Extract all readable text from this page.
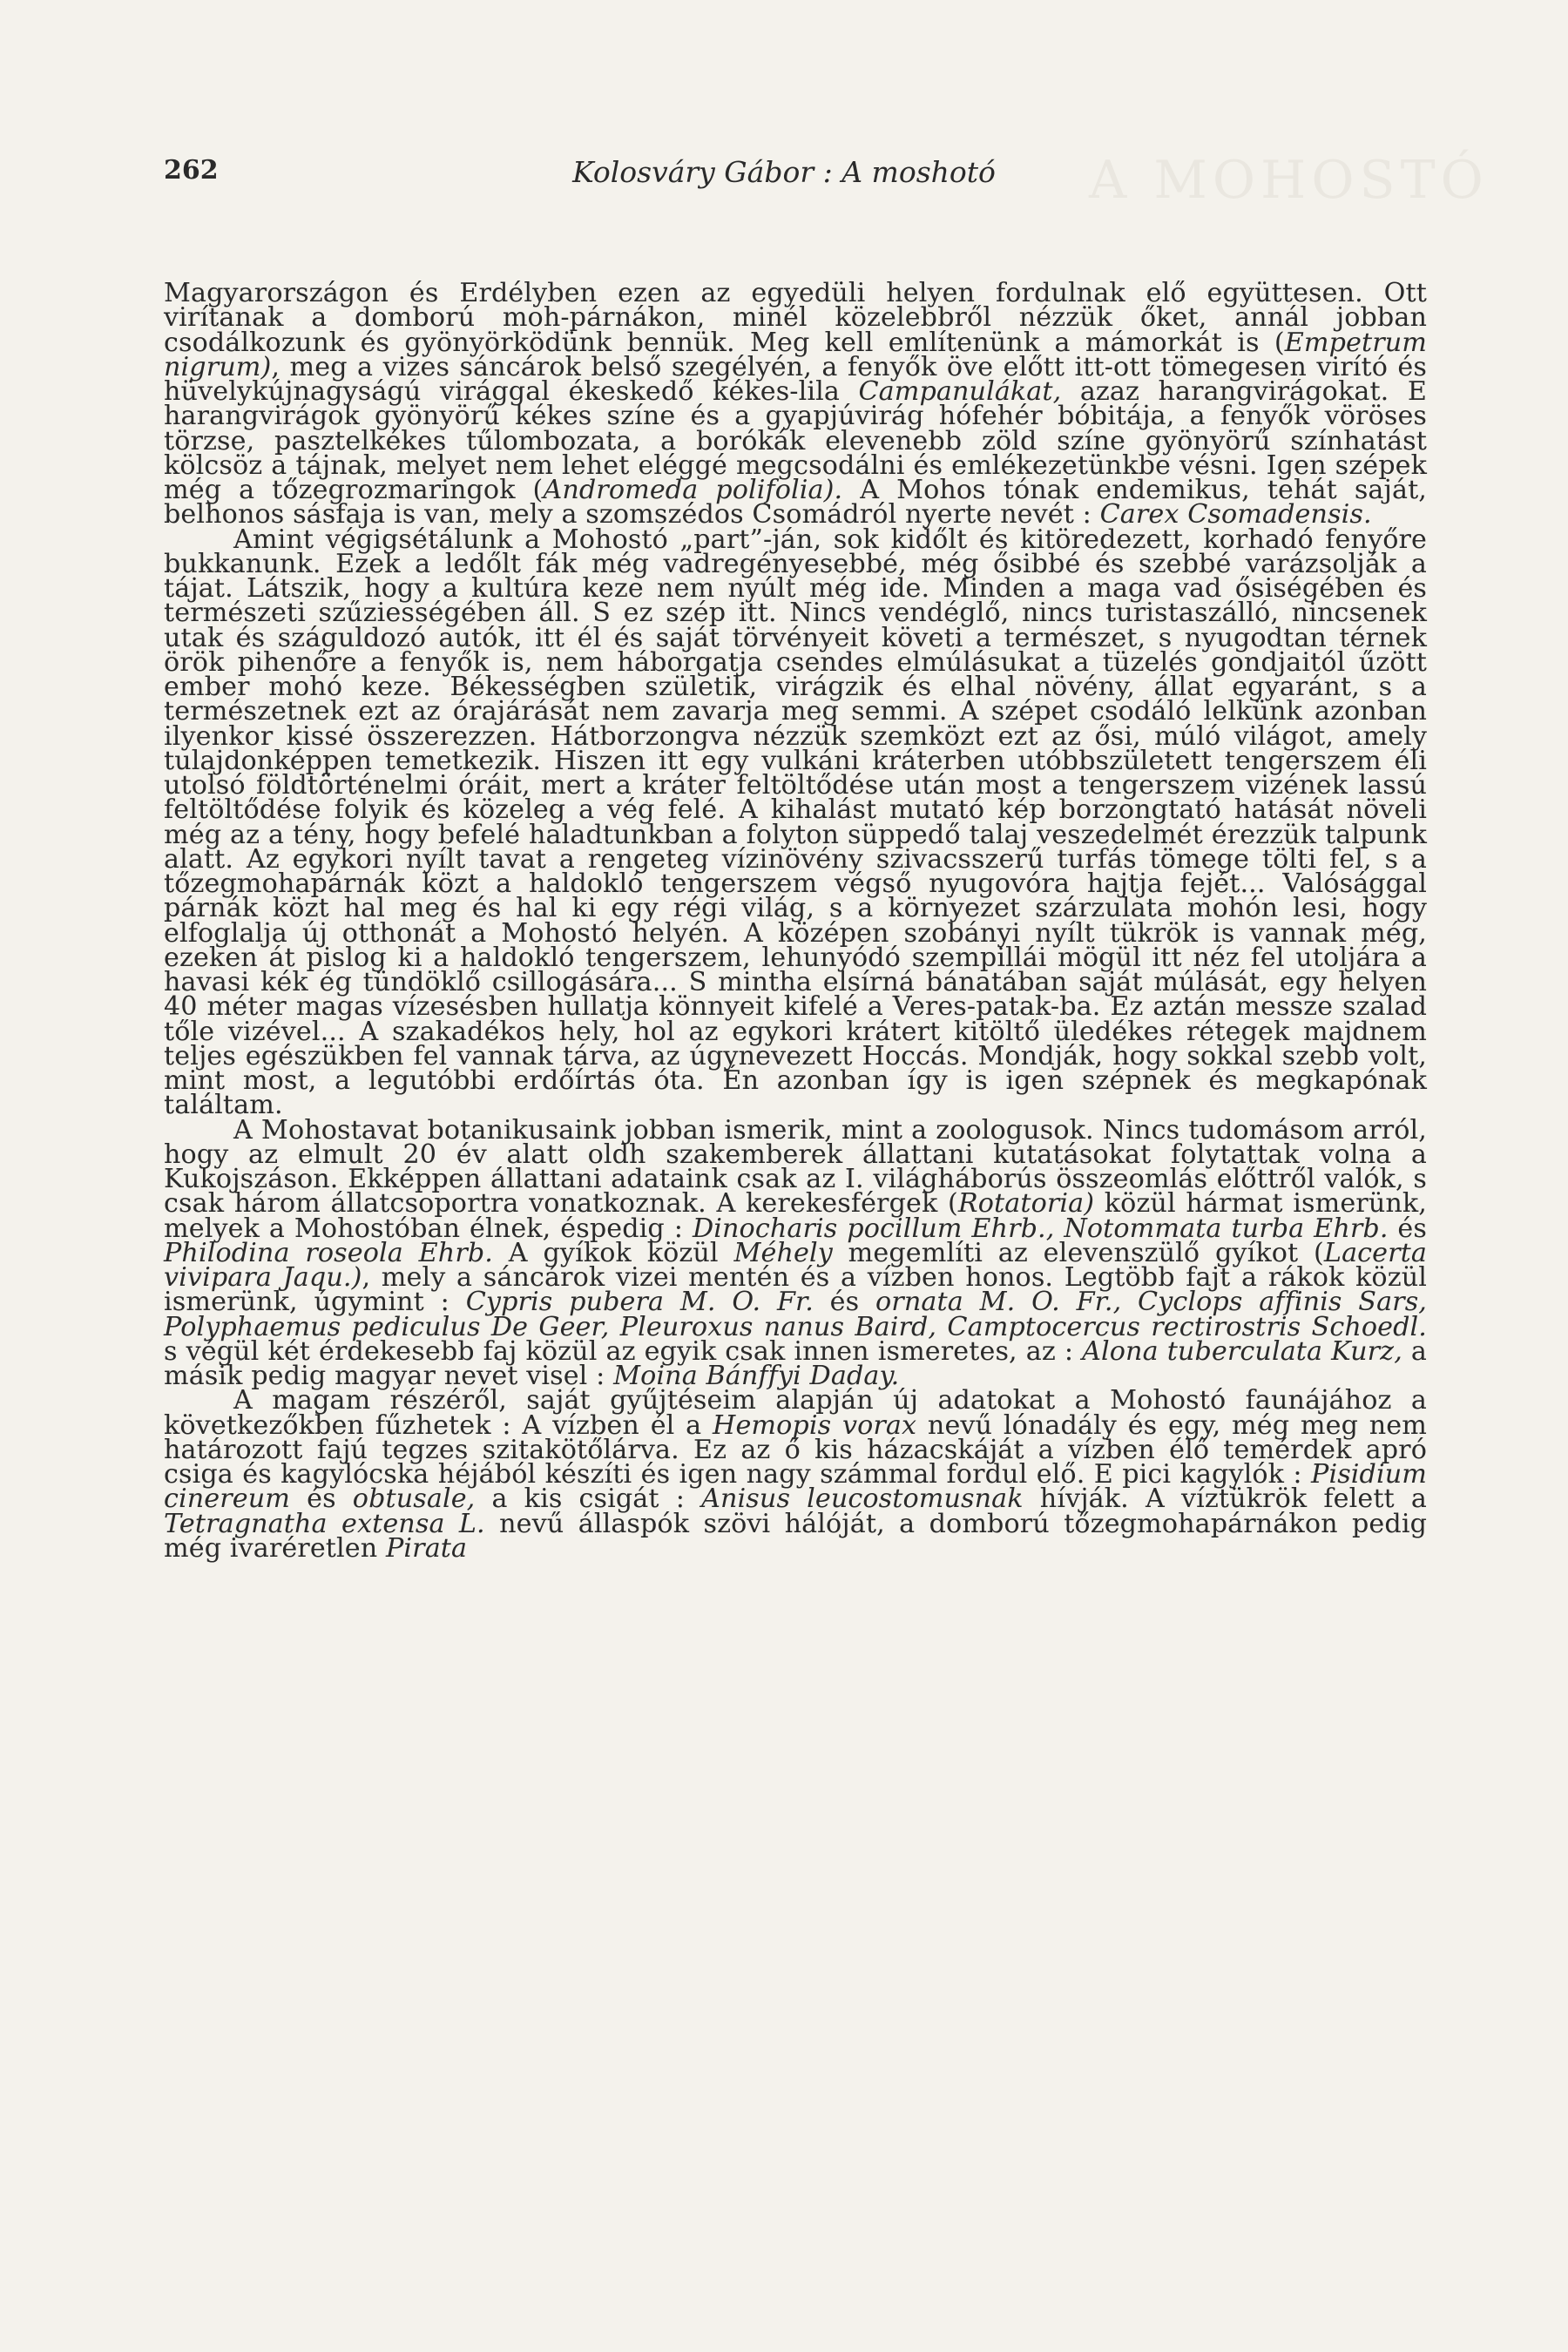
A MOHOSTÓ
262	Kolosváry Gábor : A moshotó

Magyarországon és Erdélyben ezen az egyedüli helyen fordulnak elő együttesen. Ott virítanak a domború moh-párnákon, minél közelebbről nézzük őket, annál jobban csodálkozunk és gyönyörködünk bennük. Meg kell említenünk a mámorkát is (Empetrum nigrum), meg a vizes sáncárok belső szegélyén, a fenyők öve előtt itt-ott tömegesen virító és hüvelykújnagyságú virággal ékeskedő kékes-lila Campanulákat, azaz harangvirágokat. E harangvirágok gyönyörű kékes színe és a gyapjúvirág hófehér bóbitája, a fenyők vöröses törzse, pasztelkékes tűlombozata, a borókák elevenebb zöld színe gyönyörű színhatást kölcsöz a tájnak, melyet nem lehet eléggé megcsodálni és emlékezetünkbe vésni. Igen szépek még a tőzegrozmaringok (Andromeda polifolia). A Mohos tónak endemikus, tehát saját, belhonos sásfaja is van, mely a szomszédos Csomádról nyerte nevét : Carex Csomadensis.

Amint végigsétálunk a Mohostó „part”-ján, sok kidőlt és kitöredezett, korhadó fenyőre bukkanunk. Ezek a ledőlt fák még vadregényesebbé, még ősibbé és szebbé varázsolják a tájat. Látszik, hogy a kultúra keze nem nyúlt még ide. Minden a maga vad ősiségében és természeti szűziességében áll. S ez szép itt. Nincs vendéglő, nincs turistaszálló, nincsenek utak és száguldozó autók, itt él és saját törvényeit követi a természet, s nyugodtan térnek örök pihenőre a fenyők is, nem háborgatja csendes elmúlásukat a tüzelés gondjaitól űzött ember mohó keze. Békességben születik, virágzik és elhal növény, állat egyaránt, s a természetnek ezt az órajárását nem zavarja meg semmi. A szépet csodáló lelkünk azonban ilyenkor kissé összerezzen. Hátborzongva nézzük szemközt ezt az ősi, múló világot, amely tulajdonképpen temetkezik. Hiszen itt egy vulkáni kráterben utóbbszületett tengerszem éli utolsó földtörténelmi óráit, mert a kráter feltöltődése után most a tengerszem vizének lassú feltöltődése folyik és közeleg a vég felé. A kihalást mutató kép borzongtató hatását növeli még az a tény, hogy befelé haladtunkban a folyton süppedő talaj veszedelmét érezzük talpunk alatt. Az egykori nyílt tavat a rengeteg vízinövény szivacsszerű turfás tömege tölti fel, s a tőzegmohapárnák közt a haldokló tengerszem végső nyugovóra hajtja fejét... Valósággal párnák közt hal meg és hal ki egy régi világ, s a környezet szárzulata mohón lesi, hogy elfoglalja új otthonát a Mohostó helyén. A középen szobányi nyílt tükrök is vannak még, ezeken át pislog ki a haldokló tengerszem, lehunyódó szempillái mögül itt néz fel utoljára a havasi kék ég tündöklő csillogására... S mintha elsírná bánatában saját múlását, egy helyen 40 méter magas vízesésben hullatja könnyeit kifelé a Veres-patak-ba. Ez aztán messze szalad tőle vizével... A szakadékos hely, hol az egykori krátert kitöltő üledékes rétegek majdnem teljes egészükben fel vannak tárva, az úgynevezett Hoccás. Mondják, hogy sokkal szebb volt, mint most, a legutóbbi erdőírtás óta. Én azonban így is igen szépnek és megkapónak találtam.

A Mohostavat botanikusaink jobban ismerik, mint a zoologusok. Nincs tudomásom arról, hogy az elmult 20 év alatt oldh szakemberek állattani kutatásokat folytattak volna a Kukojszáson. Ekképpen állattani adataink csak az I. világháborús összeomlás előttről valók, s csak három állatcsoportra vonatkoznak. A kerekesférgek (Rotatoria) közül hármat ismerünk, melyek a Mohostóban élnek, éspedig : Dinocharis pocillum Ehrb., Notommata turba Ehrb. és Philodina roseola Ehrb. A gyíkok közül Méhely megemlíti az elevenszülő gyíkot (Lacerta vivipara Jaqu.), mely a sáncárok vizei mentén és a vízben honos. Legtöbb fajt a rákok közül ismerünk, úgymint : Cypris pubera M. O. Fr. és ornata M. O. Fr., Cyclops affinis Sars, Polyphaemus pediculus De Geer, Pleuroxus nanus Baird, Camptocercus rectirostris Schoedl. s végül két érdekesebb faj közül az egyik csak innen ismeretes, az : Alona tuberculata Kurz, a másik pedig magyar nevet visel : Moina Bánffyi Daday.

A magam részéről, saját gyűjtéseim alapján új adatokat a Mohostó faunájához a következőkben fűzhetek : A vízben él a Hemopis vorax nevű lónadály és egy, még meg nem határozott fajú tegzes szitakötőlárva. Ez az ő kis házacskáját a vízben élő temérdek apró csiga és kagylócska héjából készíti és igen nagy számmal fordul elő. E pici kagylók : Pisidium cinereum és obtusale, a kis csigát : Anisus leucostomusnak hívják. A víztükrök felett a Tetragnatha extensa L. nevű állaspók szövi hálóját, a domború tőzegmohapárnákon pedig még ivaréretlen Pirata
